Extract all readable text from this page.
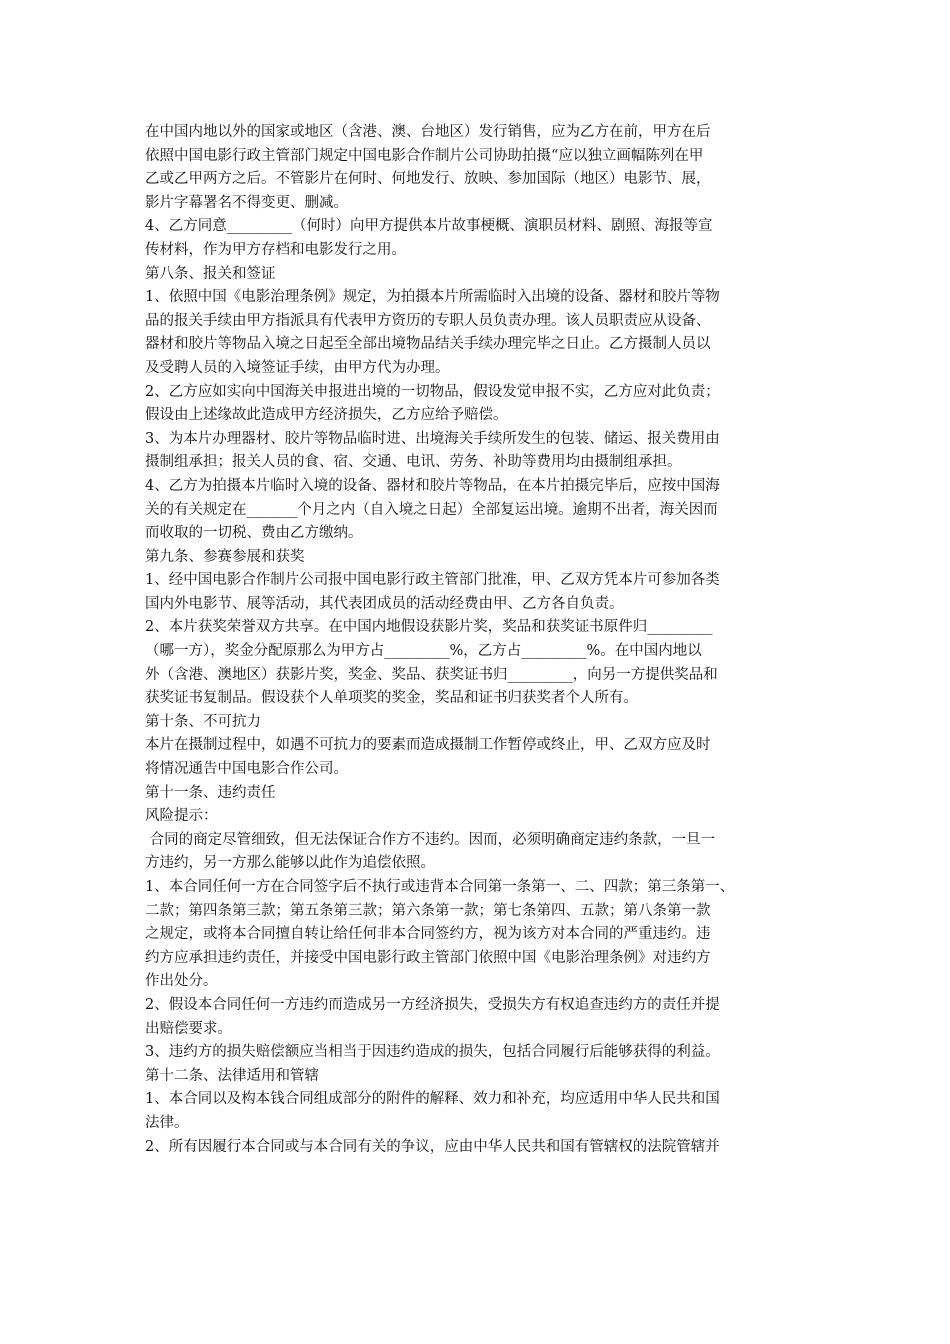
在中国内地以外的国家或地区（含港、澳、台地区）发行销售，应为乙方在前，甲方在后
依照中国电影行政主管部门规定中国电影合作制片公司协助拍摄“应以独立画幅陈列在甲
乙或乙甲两方之后。不管影片在何时、何地发行、放映、参加国际（地区）电影节、展，
影片字幕署名不得变更、删减。
4、乙方同意_________（何时）向甲方提供本片故事梗概、演职员材料、剧照、海报等宣
传材料，作为甲方存档和电影发行之用。
第八条、报关和签证
1、依照中国《电影治理条例》规定，为拍摄本片所需临时入出境的设备、器材和胶片等物
品的报关手续由甲方指派具有代表甲方资历的专职人员负责办理。该人员职责应从设备、
器材和胶片等物品入境之日起至全部出境物品结关手续办理完毕之日止。乙方摄制人员以
及受聘人员的入境签证手续，由甲方代为办理。
2、乙方应如实向中国海关申报进出境的一切物品，假设发觉申报不实，乙方应对此负责；
假设由上述缘故此造成甲方经济损失，乙方应给予赔偿。
3、为本片办理器材、胶片等物品临时进、出境海关手续所发生的包装、储运、报关费用由
摄制组承担；报关人员的食、宿、交通、电讯、劳务、补助等费用均由摄制组承担。
4、乙方为拍摄本片临时入境的设备、器材和胶片等物品，在本片拍摄完毕后，应按中国海
关的有关规定在_______个月之内（自入境之日起）全部复运出境。逾期不出者，海关因而
而收取的一切税、费由乙方缴纳。
第九条、参赛参展和获奖
1、经中国电影合作制片公司报中国电影行政主管部门批准，甲、乙双方凭本片可参加各类
国内外电影节、展等活动，其代表团成员的活动经费由甲、乙方各自负责。
2、本片获奖荣誉双方共享。在中国内地假设获影片奖，奖品和获奖证书原件归_________
（哪一方），奖金分配原那么为甲方占_________%，乙方占_________%。在中国内地以
外（含港、澳地区）获影片奖，奖金、奖品、获奖证书归_________，向另一方提供奖品和
获奖证书复制品。假设获个人单项奖的奖金，奖品和证书归获奖者个人所有。
第十条、不可抗力
本片在摄制过程中，如遇不可抗力的要素而造成摄制工作暂停或终止，甲、乙双方应及时
将情况通告中国电影合作公司。
第十一条、违约责任
风险提示：
合同的商定尽管细致，但无法保证合作方不违约。因而，必须明确商定违约条款，一旦一
方违约，另一方那么能够以此作为追偿依照。
1、本合同任何一方在合同签字后不执行或违背本合同第一条第一、二、四款；第三条第一、
二款；第四条第三款；第五条第三款；第六条第一款；第七条第四、五款；第八条第一款
之规定，或将本合同擅自转让给任何非本合同签约方，视为该方对本合同的严重违约。违
约方应承担违约责任，并接受中国电影行政主管部门依照中国《电影治理条例》对违约方
作出处分。
2、假设本合同任何一方违约而造成另一方经济损失，受损失方有权追查违约方的责任并提
出赔偿要求。
3、违约方的损失赔偿额应当相当于因违约造成的损失，包括合同履行后能够获得的利益。
第十二条、法律适用和管辖
1、本合同以及构本钱合同组成部分的附件的解释、效力和补充，均应适用中华人民共和国
法律。
2、所有因履行本合同或与本合同有关的争议，应由中华人民共和国有管辖权的法院管辖并
